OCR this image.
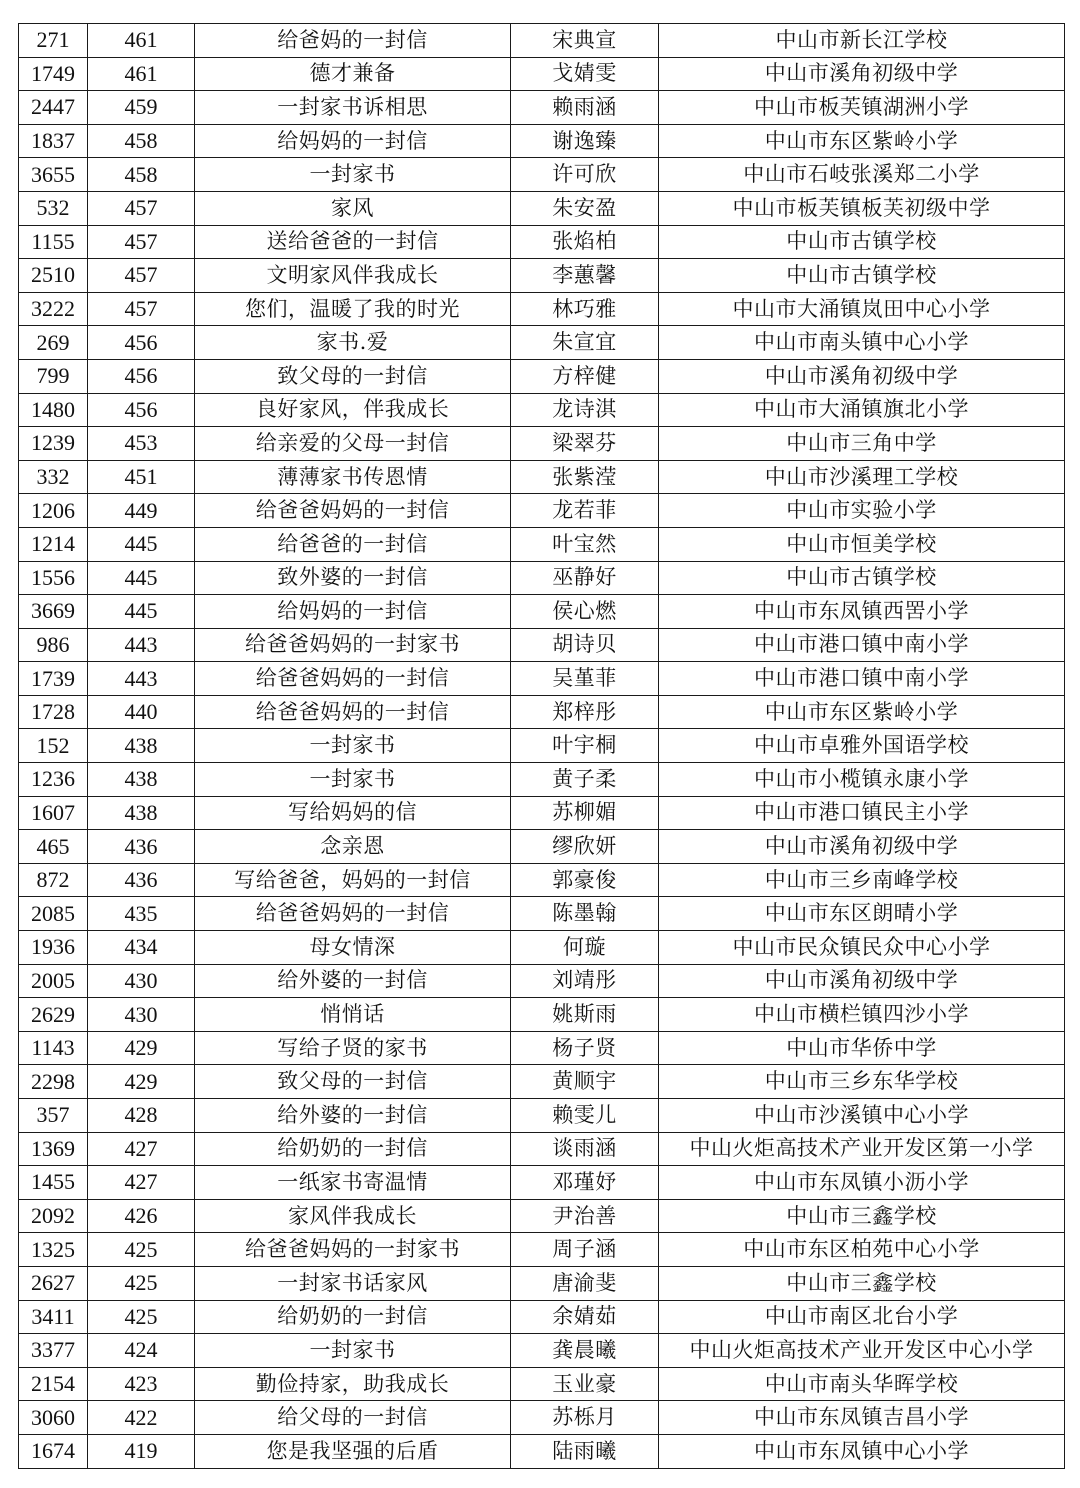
271	461	给爸妈的一封信	宋典宣	中山市新长江学校
1749	461	德才兼备	戈婧雯	中山市溪角初级中学
2447	459	一封家书诉相思	赖雨涵	中山市板芙镇湖洲小学
1837	458	给妈妈的一封信	谢逸臻	中山市东区紫岭小学
3655	458	一封家书	许可欣	中山市石岐张溪郑二小学
532	457	家风	朱安盈	中山市板芙镇板芙初级中学
1155	457	送给爸爸的一封信	张焰柏	中山市古镇学校
2510	457	文明家风伴我成长	李蕙馨	中山市古镇学校
3222	457	您们，温暖了我的时光	林巧雅	中山市大涌镇岚田中心小学
269	456	家书.爱	朱宣宜	中山市南头镇中心小学
799	456	致父母的一封信	方梓健	中山市溪角初级中学
1480	456	良好家风，伴我成长	龙诗淇	中山市大涌镇旗北小学
1239	453	给亲爱的父母一封信	梁翠芬	中山市三角中学
332	451	薄薄家书传恩情	张紫滢	中山市沙溪理工学校
1206	449	给爸爸妈妈的一封信	龙若菲	中山市实验小学
1214	445	给爸爸的一封信	叶宝然	中山市恒美学校
1556	445	致外婆的一封信	巫静好	中山市古镇学校
3669	445	给妈妈的一封信	侯心燃	中山市东凤镇西罟小学
986	443	给爸爸妈妈的一封家书	胡诗贝	中山市港口镇中南小学
1739	443	给爸爸妈妈的一封信	吴堇菲	中山市港口镇中南小学
1728	440	给爸爸妈妈的一封信	郑梓彤	中山市东区紫岭小学
152	438	一封家书	叶宇桐	中山市卓雅外国语学校
1236	438	一封家书	黄子柔	中山市小榄镇永康小学
1607	438	写给妈妈的信	苏柳媚	中山市港口镇民主小学
465	436	念亲恩	缪欣妍	中山市溪角初级中学
872	436	写给爸爸，妈妈的一封信	郭豪俊	中山市三乡南峰学校
2085	435	给爸爸妈妈的一封信	陈墨翰	中山市东区朗晴小学
1936	434	母女情深	何璇	中山市民众镇民众中心小学
2005	430	给外婆的一封信	刘靖彤	中山市溪角初级中学
2629	430	悄悄话	姚斯雨	中山市横栏镇四沙小学
1143	429	写给子贤的家书	杨子贤	中山市华侨中学
2298	429	致父母的一封信	黄顺宇	中山市三乡东华学校
357	428	给外婆的一封信	赖雯儿	中山市沙溪镇中心小学
1369	427	给奶奶的一封信	谈雨涵	中山火炬高技术产业开发区第一小学
1455	427	一纸家书寄温情	邓瑾妤	中山市东凤镇小沥小学
2092	426	家风伴我成长	尹治善	中山市三鑫学校
1325	425	给爸爸妈妈的一封家书	周子涵	中山市东区柏苑中心小学
2627	425	一封家书话家风	唐渝斐	中山市三鑫学校
3411	425	给奶奶的一封信	余婧茹	中山市南区北台小学
3377	424	一封家书	龚晨曦	中山火炬高技术产业开发区中心小学
2154	423	勤俭持家，助我成长	玉业豪	中山市南头华晖学校
3060	422	给父母的一封信	苏栎月	中山市东凤镇吉昌小学
1674	419	您是我坚强的后盾	陆雨曦	中山市东凤镇中心小学
